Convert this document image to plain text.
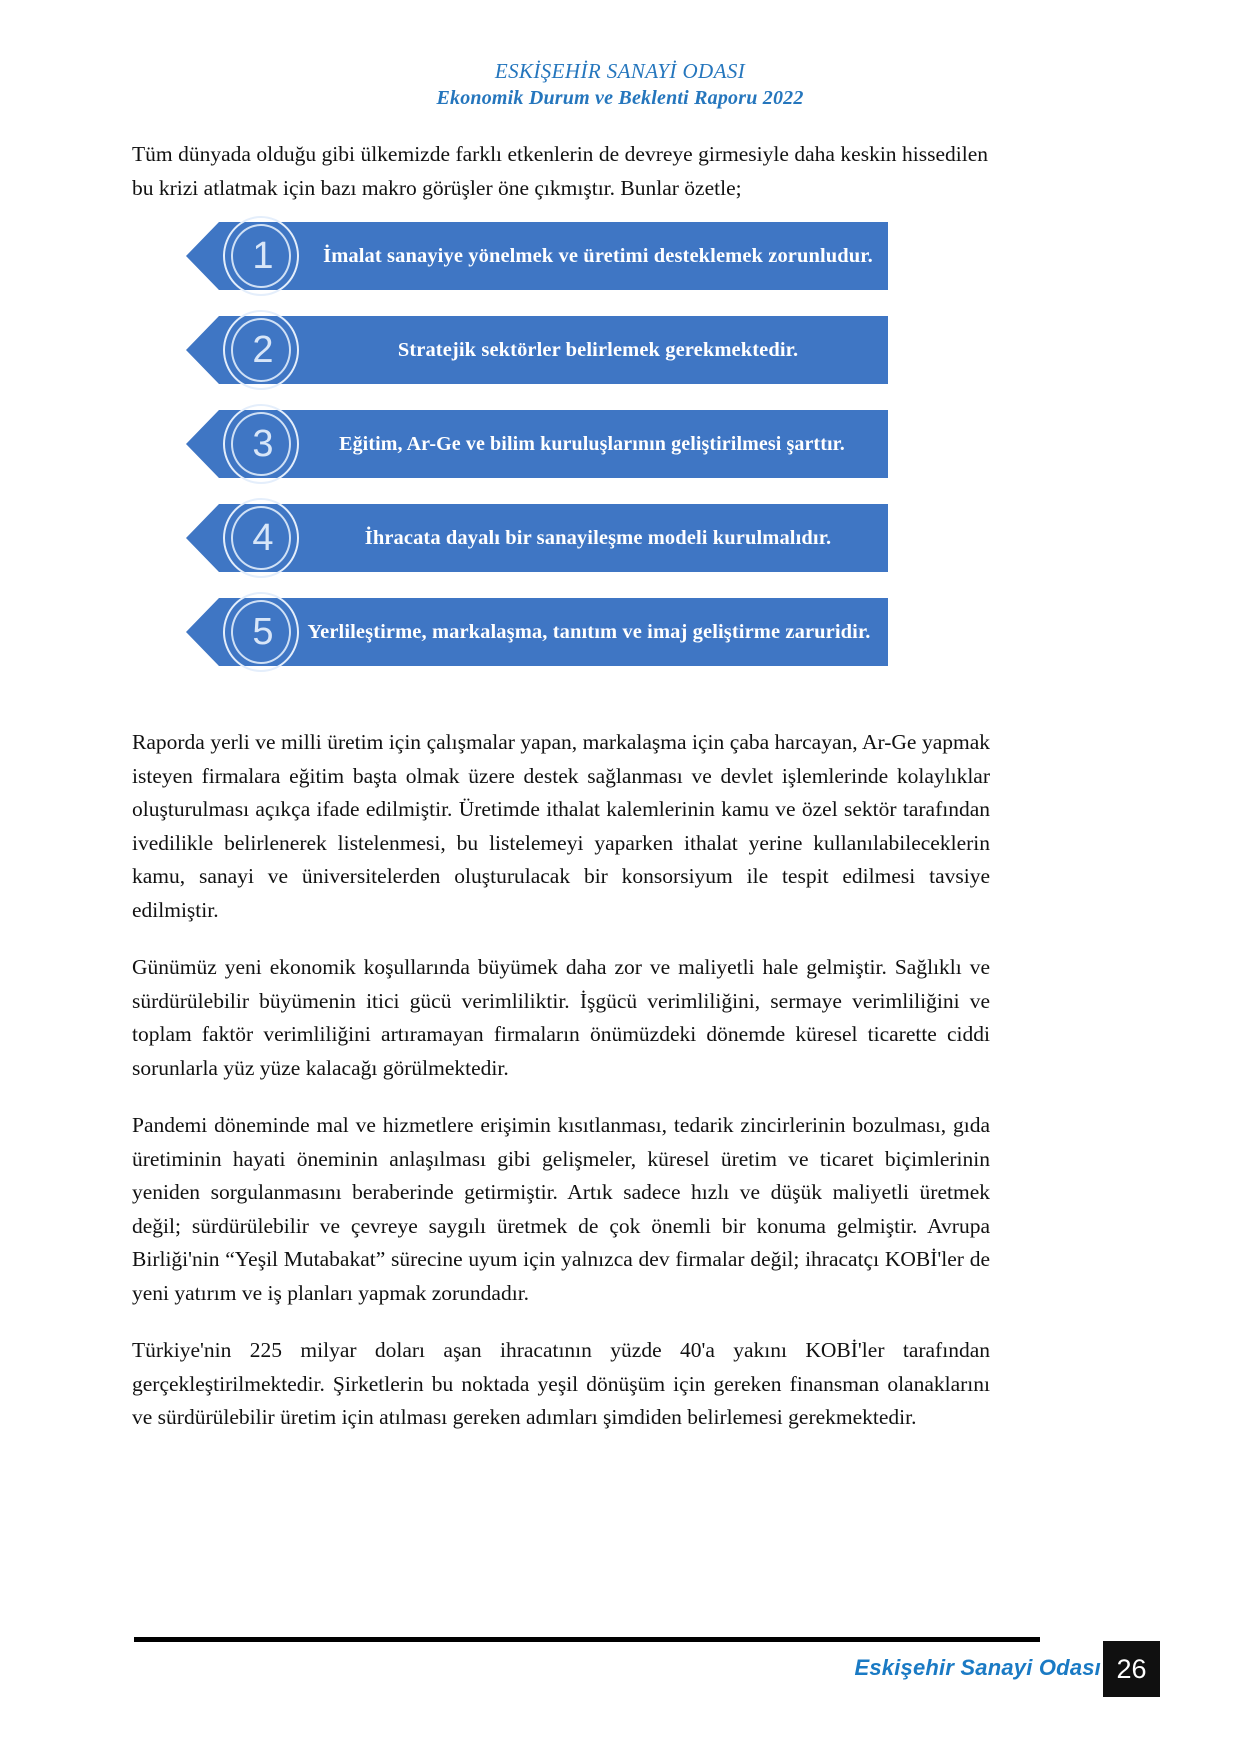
ESKİŞEHİR SANAYİ ODASI
Ekonomik Durum ve Beklenti Raporu 2022

Tüm dünyada olduğu gibi ülkemizde farklı etkenlerin de devreye girmesiyle daha keskin hissedilen bu krizi atlatmak için bazı makro görüşler öne çıkmıştır. Bunlar özetle;

1	İmalat sanayiye yönelmek ve üretimi desteklemek zorunludur.
2	Stratejik sektörler belirlemek gerekmektedir.
3	Eğitim, Ar-Ge ve bilim kuruluşlarının geliştirilmesi şarttır.
4	İhracata dayalı bir sanayileşme modeli kurulmalıdır.
5	Yerlileştirme, markalaşma, tanıtım ve imaj geliştirme zaruridir.

Raporda yerli ve milli üretim için çalışmalar yapan, markalaşma için çaba harcayan, Ar-Ge yapmak isteyen firmalara eğitim başta olmak üzere destek sağlanması ve devlet işlemlerinde kolaylıklar oluşturulması açıkça ifade edilmiştir. Üretimde ithalat kalemlerinin kamu ve özel sektör tarafından ivedilikle belirlenerek listelenmesi, bu listelemeyi yaparken ithalat yerine kullanılabileceklerin kamu, sanayi ve üniversitelerden oluşturulacak bir konsorsiyum ile tespit edilmesi tavsiye edilmiştir.

Günümüz yeni ekonomik koşullarında büyümek daha zor ve maliyetli hale gelmiştir. Sağlıklı ve sürdürülebilir büyümenin itici gücü verimliliktir. İşgücü verimliliğini, sermaye verimliliğini ve toplam faktör verimliliğini artıramayan firmaların önümüzdeki dönemde küresel ticarette ciddi sorunlarla yüz yüze kalacağı görülmektedir.

Pandemi döneminde mal ve hizmetlere erişimin kısıtlanması, tedarik zincirlerinin bozulması, gıda üretiminin hayati öneminin anlaşılması gibi gelişmeler, küresel üretim ve ticaret biçimlerinin yeniden sorgulanmasını beraberinde getirmiştir. Artık sadece hızlı ve düşük maliyetli üretmek değil; sürdürülebilir ve çevreye saygılı üretmek de çok önemli bir konuma gelmiştir. Avrupa Birliği'nin “Yeşil Mutabakat” sürecine uyum için yalnızca dev firmalar değil; ihracatçı KOBİ'ler de yeni yatırım ve iş planları yapmak zorundadır.

Türkiye'nin 225 milyar doları aşan ihracatının yüzde 40'a yakını KOBİ'ler tarafından gerçekleştirilmektedir. Şirketlerin bu noktada yeşil dönüşüm için gereken finansman olanaklarını ve sürdürülebilir üretim için atılması gereken adımları şimdiden belirlemesi gerekmektedir.

Eskişehir Sanayi Odası 26
